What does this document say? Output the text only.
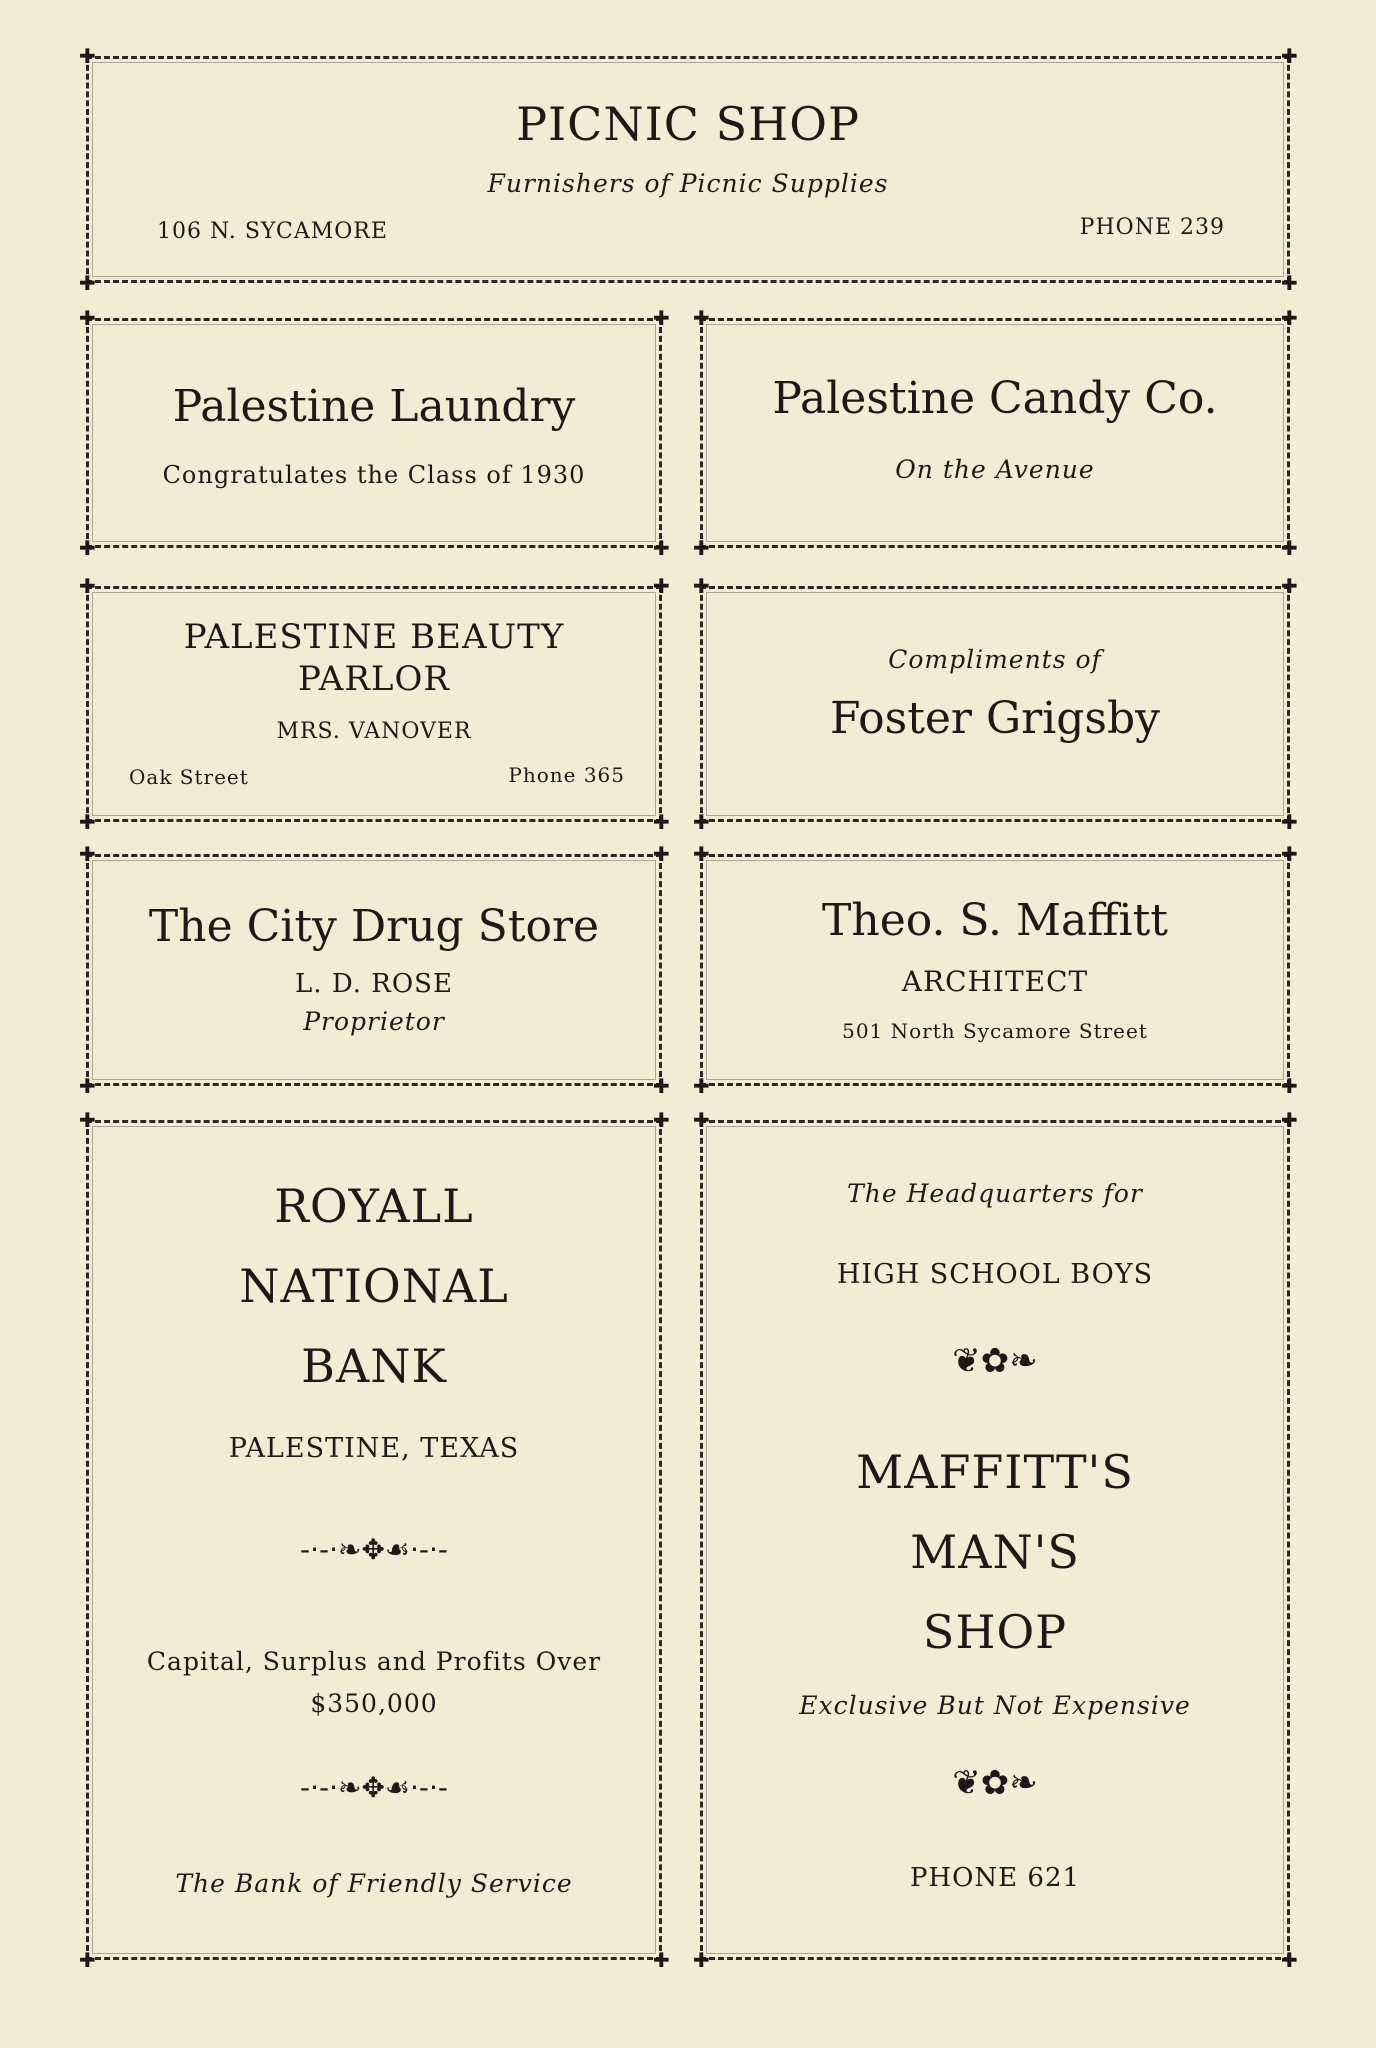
✚	✚
✚	✚
PICNIC SHOP
Furnishers of Picnic Supplies
106 N. SYCAMORE	PHONE 239
✚	✚
✚	✚
Palestine Laundry
Congratulates the Class of 1930
✚	✚
✚	✚
Palestine Candy Co.
On the Avenue
✚	✚
✚	✚
PALESTINE BEAUTY
PARLOR
MRS. VANOVER
Oak Street	Phone 365
✚	✚
✚	✚
Compliments of
Foster Grigsby
✚	✚
✚	✚
The City Drug Store
L. D. ROSE
Proprietor
✚	✚
✚	✚
Theo. S. Maffitt
ARCHITECT
501 North Sycamore Street
✚	✚
✚	✚
ROYALL
NATIONAL
BANK
PALESTINE, TEXAS
-·-·❧✥☙·-·-
Capital, Surplus and Profits Over
$350,000
-·-·❧✥☙·-·-
The Bank of Friendly Service
✚	✚
✚	✚
The Headquarters for
HIGH SCHOOL BOYS
❦✿❧
MAFFITT'S
MAN'S
SHOP
Exclusive But Not Expensive
❦✿❧
PHONE 621
